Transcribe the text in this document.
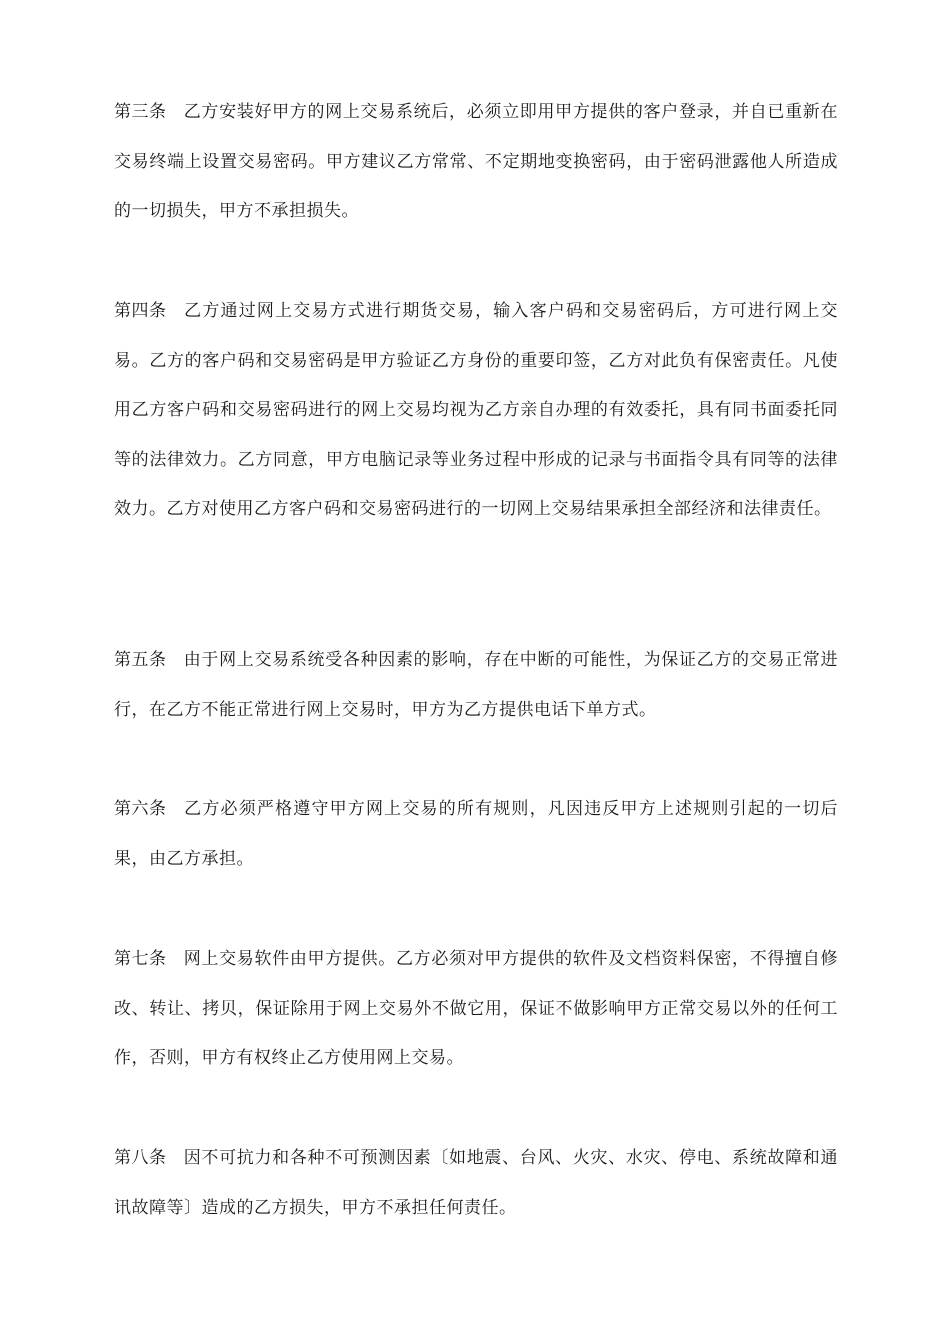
第三条 乙方安装好甲方的网上交易系统后，必须立即用甲方提供的客户登录，并自已重新在交易终端上设置交易密码。甲方建议乙方常常、不定期地变换密码，由于密码泄露他人所造成的一切损失，甲方不承担损失。

第四条 乙方通过网上交易方式进行期货交易，输入客户码和交易密码后，方可进行网上交易。乙方的客户码和交易密码是甲方验证乙方身份的重要印签，乙方对此负有保密责任。凡使用乙方客户码和交易密码进行的网上交易均视为乙方亲自办理的有效委托，具有同书面委托同等的法律效力。乙方同意，甲方电脑记录等业务过程中形成的记录与书面指令具有同等的法律效力。乙方对使用乙方客户码和交易密码进行的一切网上交易结果承担全部经济和法律责任。

第五条 由于网上交易系统受各种因素的影响，存在中断的可能性，为保证乙方的交易正常进行，在乙方不能正常进行网上交易时，甲方为乙方提供电话下单方式。

第六条 乙方必须严格遵守甲方网上交易的所有规则，凡因违反甲方上述规则引起的一切后果，由乙方承担。

第七条 网上交易软件由甲方提供。乙方必须对甲方提供的软件及文档资料保密，不得擅自修改、转让、拷贝，保证除用于网上交易外不做它用，保证不做影响甲方正常交易以外的任何工作，否则，甲方有权终止乙方使用网上交易。

第八条 因不可抗力和各种不可预测因素〔如地震、台风、火灾、水灾、停电、系统故障和通讯故障等〕造成的乙方损失，甲方不承担任何责任。
